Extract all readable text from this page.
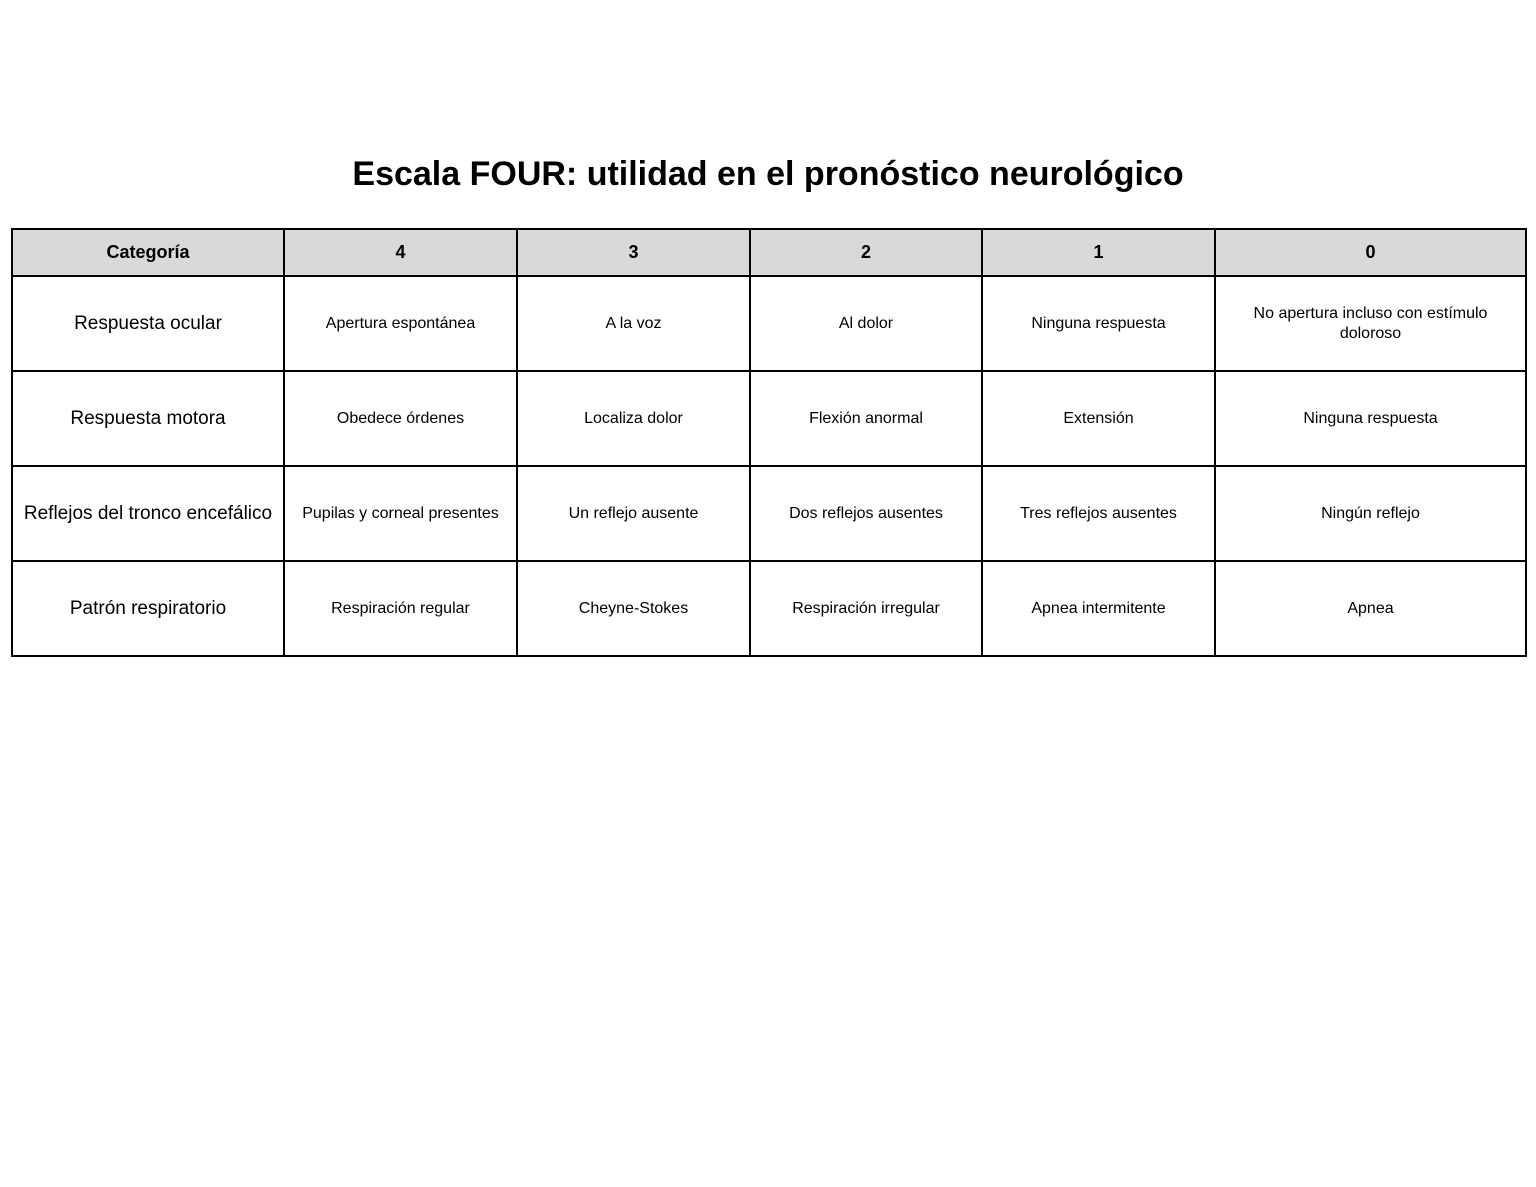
Escala FOUR: utilidad en el pronóstico neurológico
Categoría	4	3	2	1	0
Respuesta ocular	Apertura espontánea	A la voz	Al dolor	Ninguna respuesta	No apertura incluso con estímulo doloroso
Respuesta motora	Obedece órdenes	Localiza dolor	Flexión anormal	Extensión	Ninguna respuesta
Reflejos del tronco encefálico	Pupilas y corneal presentes	Un reflejo ausente	Dos reflejos ausentes	Tres reflejos ausentes	Ningún reflejo
Patrón respiratorio	Respiración regular	Cheyne-Stokes	Respiración irregular	Apnea intermitente	Apnea
